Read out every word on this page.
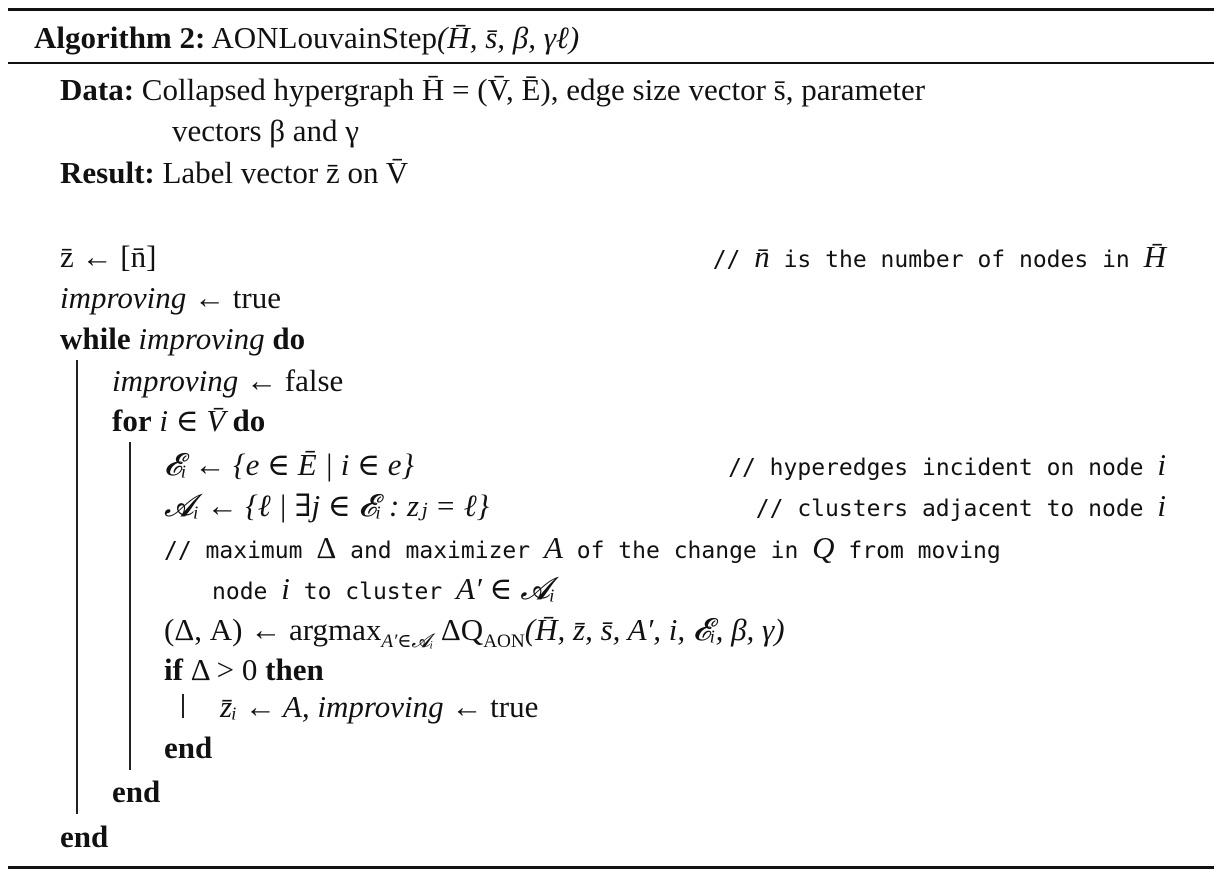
Algorithm 2: AONLouvainStep(H̄, s̄, β, γℓ)
Data: Collapsed hypergraph H̄ = (V̄, Ē), edge size vector s̄, parameter
vectors β and γ
Result: Label vector z̄ on V̄
z̄ ← [n̄]	// n̄ is the number of nodes in H̄
improving ← true
while improving do
improving ← false
for i ∈ V̄ do
𝓔ᵢ ← {e ∈ Ē | i ∈ e}	// hyperedges incident on node i
𝓐ᵢ ← {ℓ | ∃j ∈ 𝓔ᵢ : zⱼ = ℓ}	// clusters adjacent to node i
// maximum Δ and maximizer A of the change in Q from moving
node i to cluster A′ ∈ 𝓐ᵢ
(Δ, A) ← argmax$_{A'\in 𝓐ᵢ}$ $\Delta Q_{AON}(H̄$, z̄, s̄, A′, i, 𝓔ᵢ, β, γ)
if Δ > 0 then
z̄ᵢ ← A, improving ← true
end
end
end
